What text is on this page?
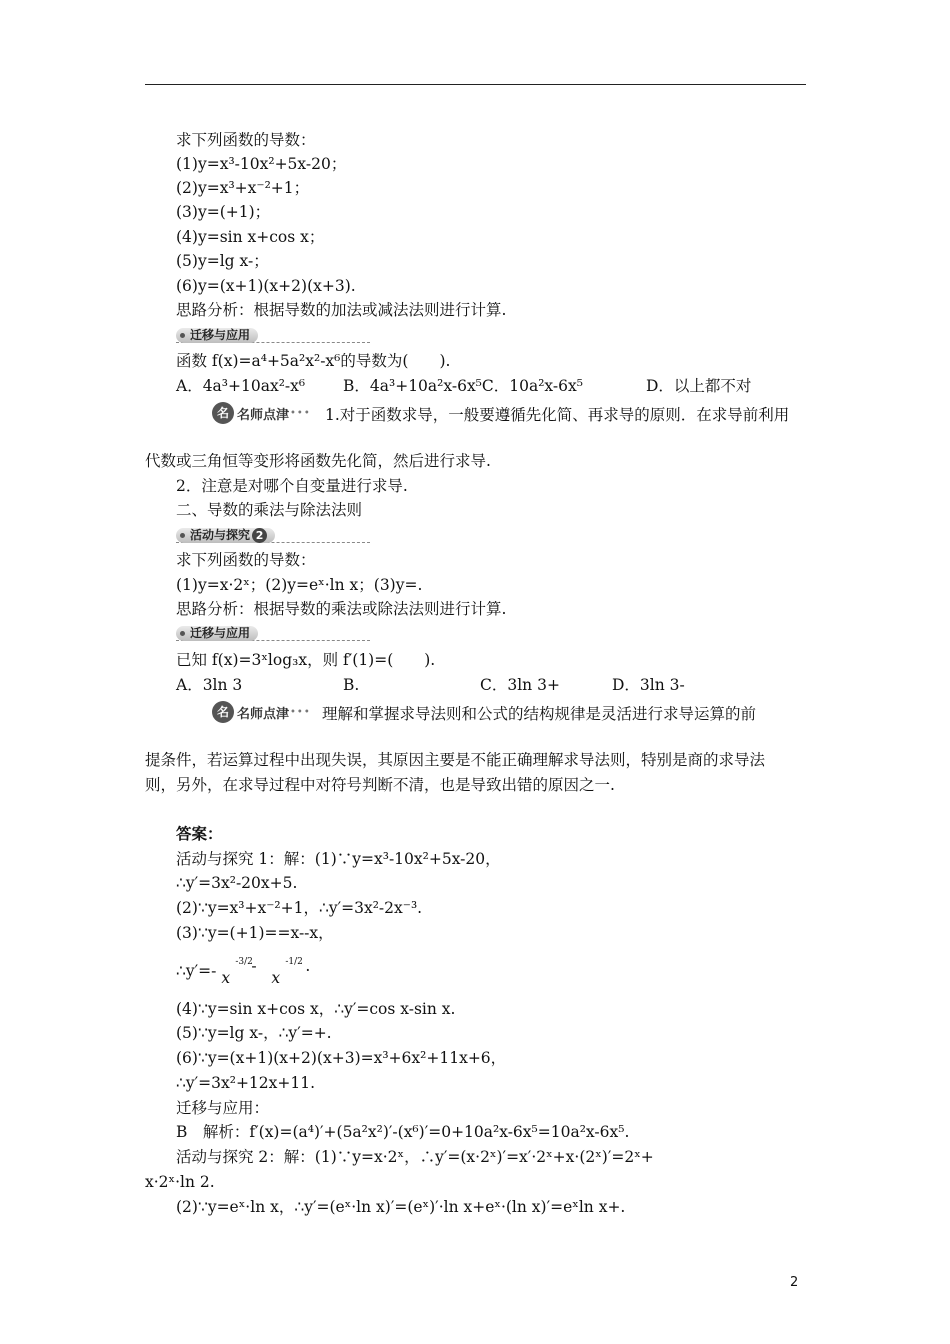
求下列函数的导数：
(1)y=x³-10x²+5x-20；
(2)y=x³+x⁻²+1；
(3)y=(+1)；
(4)y=sin x+cos x；
(5)y=lg x-；
(6)y=(x+1)(x+2)(x+3).
思路分析：根据导数的加法或减法法则进行计算.
迁移与应用
函数 f(x)=a⁴+5a²x²-x⁶的导数为(　　).
A．4a³+10ax²-x⁶ B．4a³+10a²x-6x⁵C．10a²x-6x⁵	D．以上都不对
名 名师点津 ••• 1.对于函数求导，一般要遵循先化简、再求导的原则．在求导前利用
代数或三角恒等变形将函数先化简，然后进行求导.
2．注意是对哪个自变量进行求导.
二、导数的乘法与除法法则
活动与探究 2
求下列函数的导数：
(1)y=x·2ˣ；(2)y=eˣ·ln x；(3)y=.
思路分析：根据导数的乘法或除法法则进行计算.
迁移与应用
已知 f(x)=3ˣlog₃x，则 f′(1)=(　　).
A．3ln 3	B.	C．3ln 3+	D．3ln 3-
名 名师点津 ••• 理解和掌握求导法则和公式的结构规律是灵活进行求导运算的前
提条件，若运算过程中出现失误，其原因主要是不能正确理解求导法则，特别是商的求导法
则，另外，在求导过程中对符号判断不清，也是导致出错的原因之一.
答案：
活动与探究 1：解：(1)∵y=x³-10x²+5x-20，
∴y′=3x²-20x+5.
(2)∵y=x³+x⁻²+1，∴y′=3x²-2x⁻³.
(3)∵y=(+1)==x--x，
∴y′=- x
-3/2
-
x
-1/2 .
(4)∵y=sin x+cos x，∴y′=cos x-sin x.
(5)∵y=lg x-，∴y′=+.
(6)∵y=(x+1)(x+2)(x+3)=x³+6x²+11x+6，
∴y′=3x²+12x+11.
迁移与应用：
B　解析：f′(x)=(a⁴)′+(5a²x²)′-(x⁶)′=0+10a²x-6x⁵=10a²x-6x⁵.
活动与探究 2：解：(1)∵y=x·2ˣ，∴y′=(x·2ˣ)′=x′·2ˣ+x·(2ˣ)′=2ˣ+
x·2ˣ·ln 2.
(2)∵y=eˣ·ln x，∴y′=(eˣ·ln x)′=(eˣ)′·ln x+eˣ·(ln x)′=eˣln x+.
2
